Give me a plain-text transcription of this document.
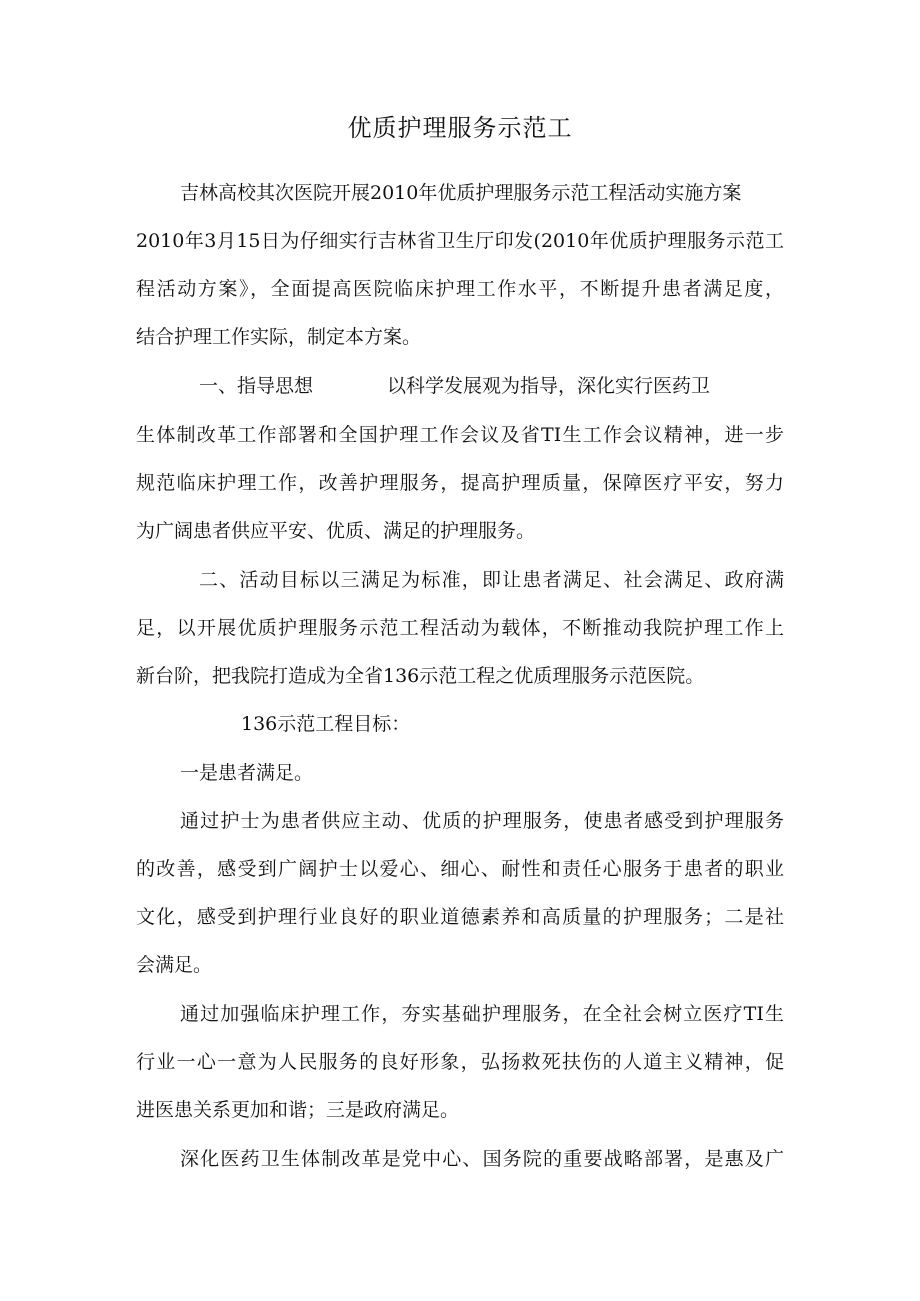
优质护理服务示范工
吉林高校其次医院开展2010年优质护理服务示范工程活动实施方案
2010年3月15日为仔细实行吉林省卫生厅印发(2010年优质护理服务示范工
程活动方案》，全面提高医院临床护理工作水平，不断提升患者满足度，
结合护理工作实际，制定本方案。
一、指导思想	以科学发展观为指导，深化实行医药卫
生体制改革工作部署和全国护理工作会议及省TI生工作会议精神，进一步
规范临床护理工作，改善护理服务，提高护理质量，保障医疗平安，努力
为广阔患者供应平安、优质、满足的护理服务。
二、活动目标以三满足为标准，即让患者满足、社会满足、政府满
足，以开展优质护理服务示范工程活动为载体，不断推动我院护理工作上
新台阶，把我院打造成为全省136示范工程之优质理服务示范医院。
136示范工程目标：
一是患者满足。
通过护士为患者供应主动、优质的护理服务，使患者感受到护理服务
的改善，感受到广阔护士以爱心、细心、耐性和责任心服务于患者的职业
文化，感受到护理行业良好的职业道德素养和高质量的护理服务；二是社
会满足。
通过加强临床护理工作，夯实基础护理服务，在全社会树立医疗TI生
行业一心一意为人民服务的良好形象，弘扬救死扶伤的人道主义精神，促
进医患关系更加和谐；三是政府满足。
深化医药卫生体制改革是党中心、国务院的重要战略部署，是惠及广
